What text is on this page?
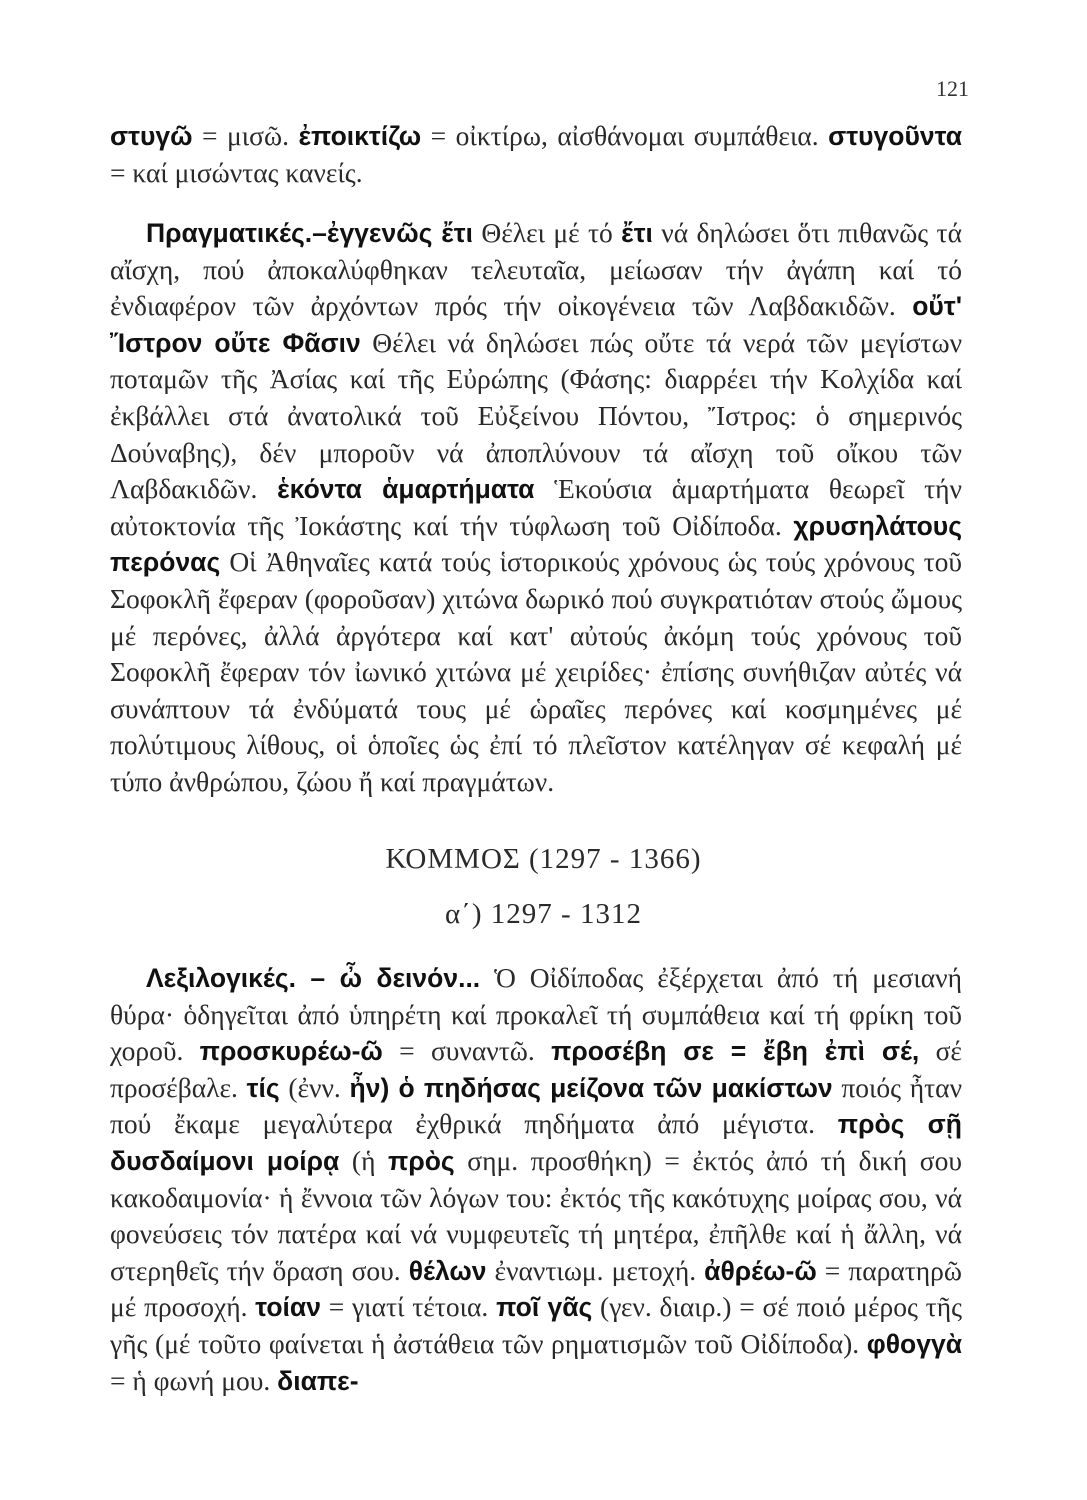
121

στυγῶ = μισῶ. ἐποικτίζω = οἰκτίρω, αἰσθάνομαι συμπάθεια. στυγοῦντα = καί μισώντας κανείς.

Πραγματικές.–ἐγγενῶς ἔτι Θέλει μέ τό ἔτι νά δηλώσει ὅτι πιθανῶς τά αἴσχη, πού ἀποκαλύφθηκαν τελευταῖα, μείωσαν τήν ἀγάπη καί τό ἐνδιαφέρον τῶν ἀρχόντων πρός τήν οἰκογένεια τῶν Λαβδακιδῶν. οὔτ' Ἴστρον οὔτε Φᾶσιν Θέλει νά δηλώσει πώς οὔτε τά νερά τῶν μεγίστων ποταμῶν τῆς Ἀσίας καί τῆς Εὐρώπης (Φάσης: διαρρέει τήν Κολχίδα καί ἐκβάλλει στά ἀνατολικά τοῦ Εὐξείνου Πόντου, Ἴστρος: ὁ σημερινός Δούναβης), δέν μποροῦν νά ἀποπλύνουν τά αἴσχη τοῦ οἴκου τῶν Λαβδακιδῶν. ἑκόντα ἁμαρτήματα Ἑκούσια ἁμαρτήματα θεωρεῖ τήν αὐτοκτονία τῆς Ἰοκάστης καί τήν τύφλωση τοῦ Οἰδίποδα. χρυσηλάτους περόνας Οἱ Ἀθηναῖες κατά τούς ἱστορικούς χρόνους ὡς τούς χρόνους τοῦ Σοφοκλῆ ἔφεραν (φοροῦσαν) χιτώνα δωρικό πού συγκρατιόταν στούς ὤμους μέ περόνες, ἀλλά ἀργότερα καί κατ' αὐτούς ἀκόμη τούς χρόνους τοῦ Σοφοκλῆ ἔφεραν τόν ἰωνικό χιτώνα μέ χειρίδες· ἐπίσης συνήθιζαν αὐτές νά συνάπτουν τά ἐνδύματά τους μέ ὡραῖες περόνες καί κοσμημένες μέ πολύτιμους λίθους, οἱ ὁποῖες ὡς ἐπί τό πλεῖστον κατέληγαν σέ κεφαλή μέ τύπο ἀνθρώπου, ζώου ἤ καί πραγμάτων.

ΚΟΜΜΟΣ (1297 - 1366)
α΄) 1297 - 1312

Λεξιλογικές. – ὦ δεινόν... Ὁ Οἰδίποδας ἐξέρχεται ἀπό τή μεσιανή θύρα· ὁδηγεῖται ἀπό ὑπηρέτη καί προκαλεῖ τή συμπάθεια καί τή φρίκη τοῦ χοροῦ. προσκυρέω-ῶ = συναντῶ. προσέβη σε = ἔβη ἐπὶ σέ, σέ προσέβαλε. τίς (ἐνν. ἦν) ὁ πηδήσας μείζονα τῶν μακίστων ποιός ἦταν πού ἔκαμε μεγαλύτερα ἐχθρικά πηδήματα ἀπό μέγιστα. πρὸς σῇ δυσδαίμονι μοίρᾳ (ἡ πρὸς σημ. προσθήκη) = ἐκτός ἀπό τή δική σου κακοδαιμονία· ἡ ἔννοια τῶν λόγων του: ἐκτός τῆς κακότυχης μοίρας σου, νά φονεύσεις τόν πατέρα καί νά νυμφευτεῖς τή μητέρα, ἐπῆλθε καί ἡ ἄλλη, νά στερηθεῖς τήν ὅραση σου. θέλων ἐναντιωμ. μετοχή. ἀθρέω-ῶ = παρατηρῶ μέ προσοχή. τοίαν = γιατί τέτοια. ποῖ γᾶς (γεν. διαιρ.) = σέ ποιό μέρος τῆς γῆς (μέ τοῦτο φαίνεται ἡ ἀστάθεια τῶν ρηματισμῶν τοῦ Οἰδίποδα). φθογγὰ = ἡ φωνή μου. διαπε-
